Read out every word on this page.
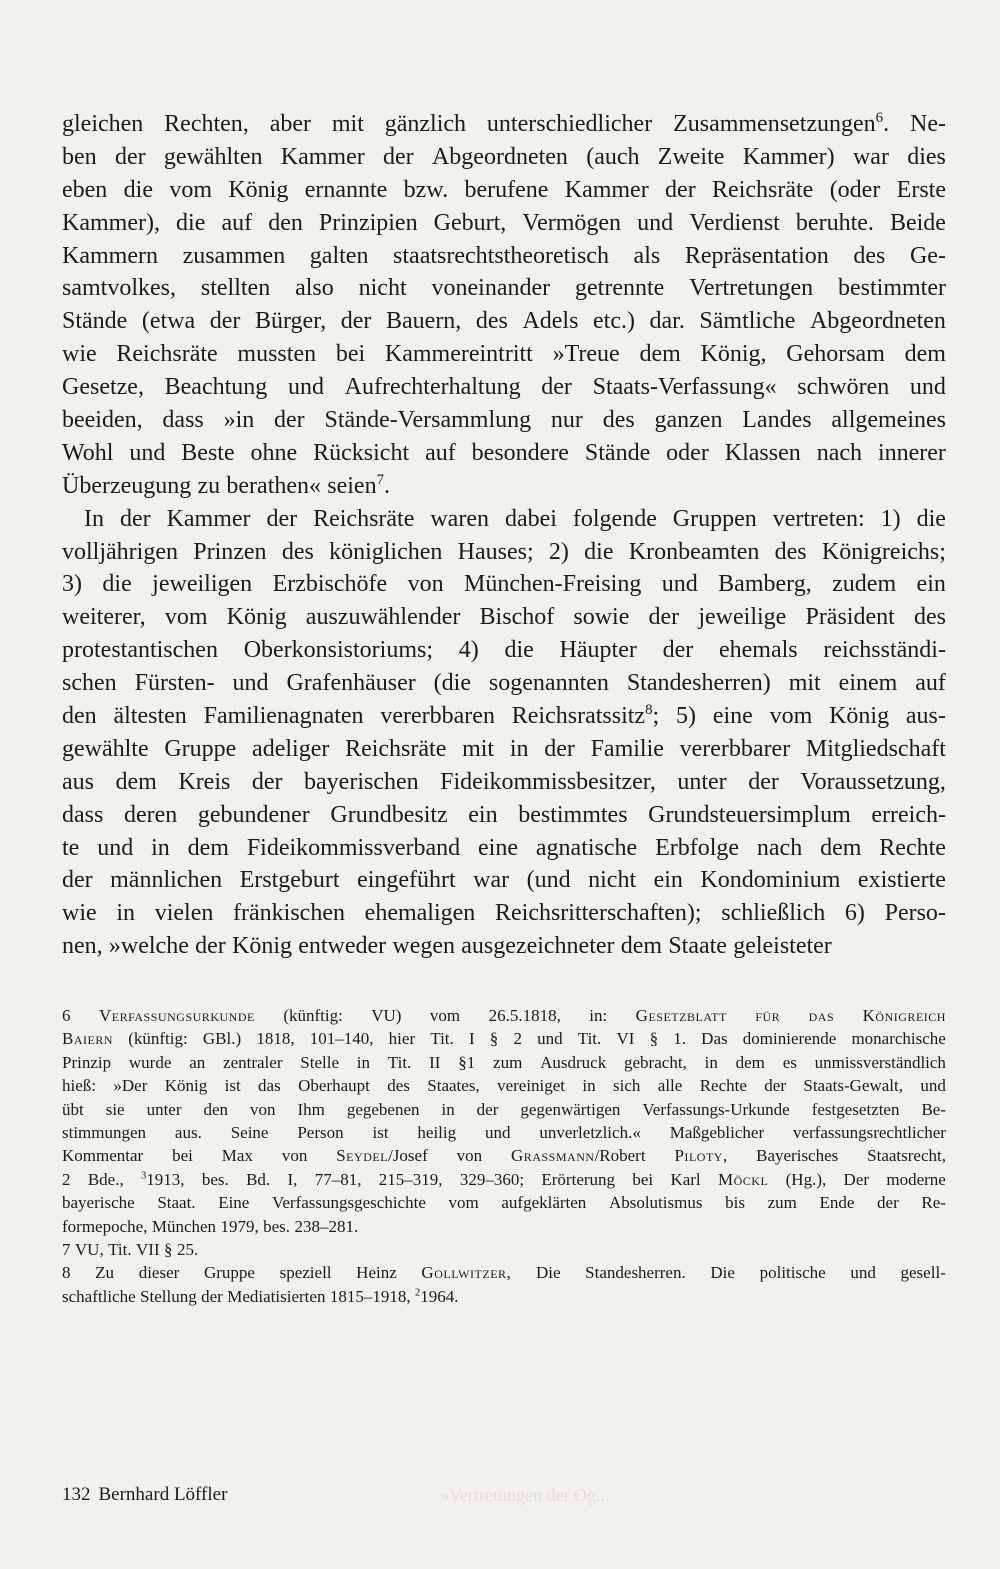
gleichen Rechten, aber mit gänzlich unterschiedlicher Zusammensetzungen$^6$. Ne-
ben der gewählten Kammer der Abgeordneten (auch Zweite Kammer) war dies
eben die vom König ernannte bzw. berufene Kammer der Reichsräte (oder Erste
Kammer), die auf den Prinzipien Geburt, Vermögen und Verdienst beruhte. Beide
Kammern zusammen galten staatsrechtstheoretisch als Repräsentation des Ge-
samtvolkes, stellten also nicht voneinander getrennte Vertretungen bestimmter
Stände (etwa der Bürger, der Bauern, des Adels etc.) dar. Sämtliche Abgeordneten
wie Reichsräte mussten bei Kammereintritt »Treue dem König, Gehorsam dem
Gesetze, Beachtung und Aufrechterhaltung der Staats-Verfassung« schwören und
beeiden, dass »in der Stände-Versammlung nur des ganzen Landes allgemeines
Wohl und Beste ohne Rücksicht auf besondere Stände oder Klassen nach innerer
Überzeugung zu berathen« seien$^7$.
In der Kammer der Reichsräte waren dabei folgende Gruppen vertreten: 1) die
volljährigen Prinzen des königlichen Hauses; 2) die Kronbeamten des Königreichs;
3) die jeweiligen Erzbischöfe von München-Freising und Bamberg, zudem ein
weiterer, vom König auszuwählender Bischof sowie der jeweilige Präsident des
protestantischen Oberkonsistoriums; 4) die Häupter der ehemals reichsständi-
schen Fürsten- und Grafenhäuser (die sogenannten Standesherren) mit einem auf
den ältesten Familienagnaten vererbbaren Reichsratssitz$^8$; 5) eine vom König aus-
gewählte Gruppe adeliger Reichsräte mit in der Familie vererbbarer Mitgliedschaft
aus dem Kreis der bayerischen Fideikommissbesitzer, unter der Voraussetzung,
dass deren gebundener Grundbesitz ein bestimmtes Grundsteuersimplum erreich-
te und in dem Fideikommissverband eine agnatische Erbfolge nach dem Rechte
der männlichen Erstgeburt eingeführt war (und nicht ein Kondominium existierte
wie in vielen fränkischen ehemaligen Reichsritterschaften); schließlich 6) Perso-
nen, »welche der König entweder wegen ausgezeichneter dem Staate geleisteter
6 Verfassungsurkunde (künftig: VU) vom 26.5.1818, in: Gesetzblatt für das Königreich
Baiern (künftig: GBl.) 1818, 101–140, hier Tit. I § 2 und Tit. VI § 1. Das dominierende monarchische
Prinzip wurde an zentraler Stelle in Tit. II §1 zum Ausdruck gebracht, in dem es unmissverständlich
hieß: »Der König ist das Oberhaupt des Staates, vereiniget in sich alle Rechte der Staats-Gewalt, und
übt sie unter den von Ihm gegebenen in der gegenwärtigen Verfassungs-Urkunde festgesetzten Be-
stimmungen aus. Seine Person ist heilig und unverletzlich.« Maßgeblicher verfassungsrechtlicher
Kommentar bei Max von Seydel/Josef von Grassmann/Robert Piloty, Bayerisches Staatsrecht,
2 Bde., $^3$1913, bes. Bd. I, 77–81, 215–319, 329–360; Erörterung bei Karl Möckl (Hg.), Der moderne
bayerische Staat. Eine Verfassungsgeschichte vom aufgeklärten Absolutismus bis zum Ende der Re-
formepoche, München 1979, bes. 238–281.
7 VU, Tit. VII § 25.
8 Zu dieser Gruppe speziell Heinz Gollwitzer, Die Standesherren. Die politische und gesell-
schaftliche Stellung der Mediatisierten 1815–1918, $^2$1964.
132 Bernhard Löffler	»Vertretungen der Og...
